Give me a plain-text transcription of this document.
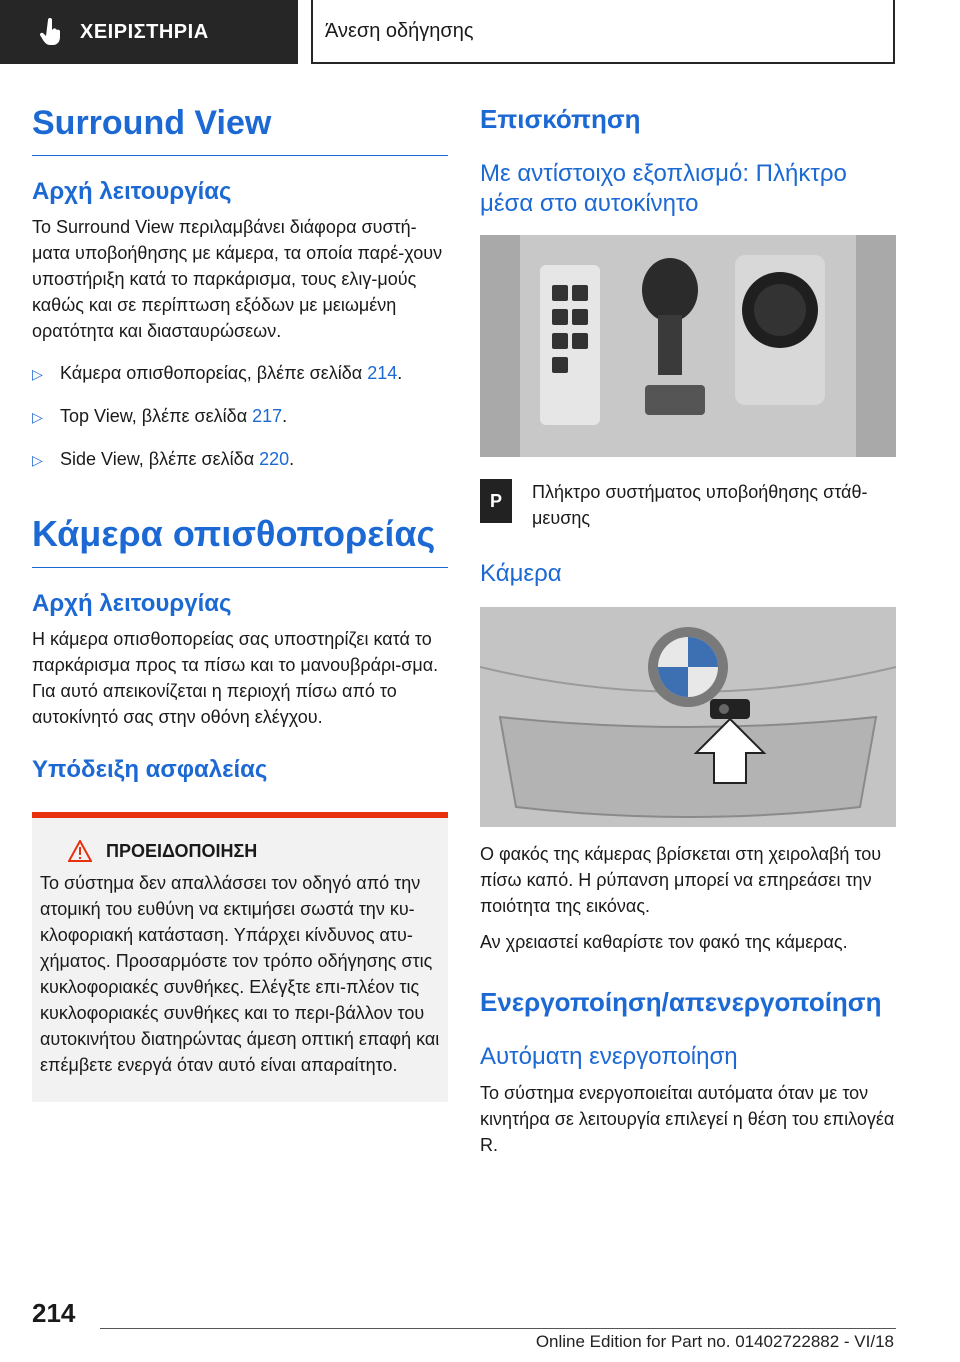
ΧΕΙΡΙΣΤΗΡΙΑ	Άνεση οδήγησης
Surround View
Αρχή λειτουργίας

Το Surround View περιλαμβάνει διάφορα συστή‐ματα υποβοήθησης με κάμερα, τα οποία παρέ‐χουν υποστήριξη κατά το παρκάρισμα, τους ελιγ‐μούς καθώς και σε περίπτωση εξόδων με μειωμένη ορατότητα και διασταυρώσεων.

▷ Κάμερα οπισθοπορείας, βλέπε σελίδα 214.
▷ Top View, βλέπε σελίδα 217.
▷ Side View, βλέπε σελίδα 220.
Κάμερα οπισθοπορείας
Αρχή λειτουργίας

Η κάμερα οπισθοπορείας σας υποστηρίζει κατά το παρκάρισμα προς τα πίσω και το μανουβράρι‐σμα. Για αυτό απεικονίζεται η περιοχή πίσω από το αυτοκίνητό σας στην οθόνη ελέγχου.

Υπόδειξη ασφαλείας
ΠΡΟΕΙΔΟΠΟΙΗΣΗ

Το σύστημα δεν απαλλάσσει τον οδηγό από την ατομική του ευθύνη να εκτιμήσει σωστά την κυ‐κλοφοριακή κατάσταση. Υπάρχει κίνδυνος ατυ‐χήματος. Προσαρμόστε τον τρόπο οδήγησης στις κυκλοφοριακές συνθήκες. Ελέγξτε επι‐πλέον τις κυκλοφοριακές συνθήκες και το περι‐βάλλον του αυτοκινήτου διατηρώντας άμεση οπτική επαφή και επέμβετε ενεργά όταν αυτό είναι απαραίτητο.

Επισκόπηση
Με αντίστοιχο εξοπλισμό: Πλήκτρο μέσα στο αυτοκίνητο
P	Πλήκτρο συστήματος υποβοήθησης στάθ‐μευσης

Κάμερα

Ο φακός της κάμερας βρίσκεται στη χειρολαβή του πίσω καπό. Η ρύπανση μπορεί να επηρεάσει την ποιότητα της εικόνας.

Αν χρειαστεί καθαρίστε τον φακό της κάμερας.

Ενεργοποίηση/απενεργοποίηση
Αυτόματη ενεργοποίηση

Το σύστημα ενεργοποιείται αυτόματα όταν με τον κινητήρα σε λειτουργία επιλεγεί η θέση του επιλογέα R.

214
Online Edition for Part no. 01402722882 - VI/18
